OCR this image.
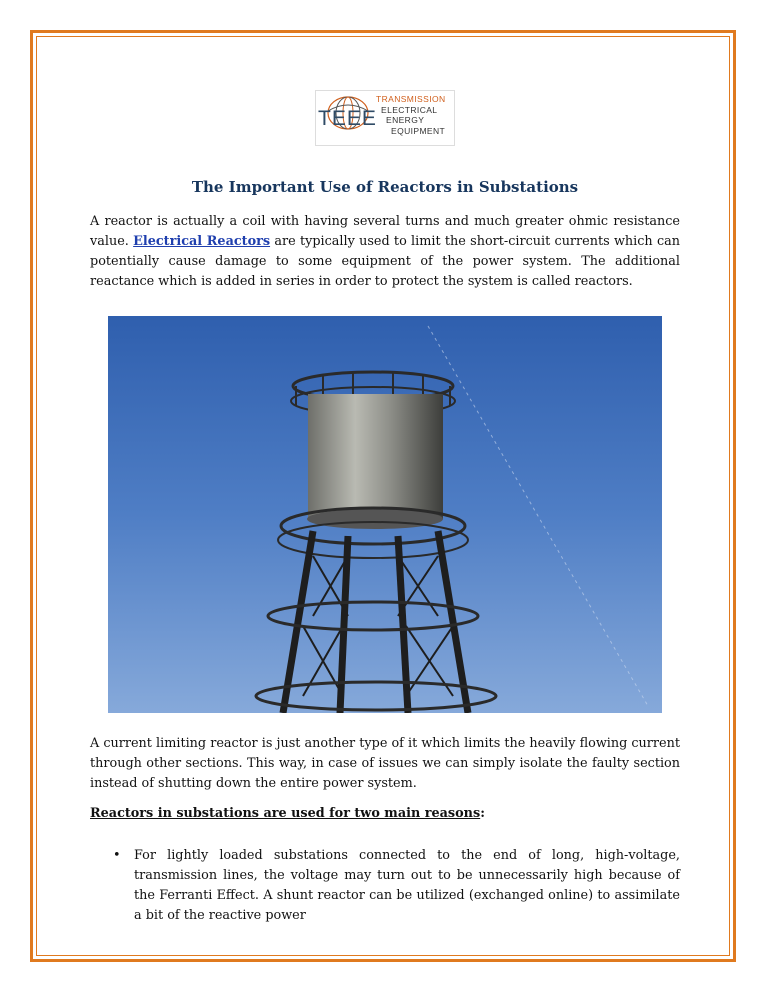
TEEE
TRANSMISSION
ELECTRICAL
ENERGY
EQUIPMENT
The Important Use of Reactors in Substations

A reactor is actually a coil with having several turns and much greater ohmic resistance value. Electrical Reactors are typically used to limit the short-circuit currents which can potentially cause damage to some equipment of the power system. The additional reactance which is added in series in order to protect the system is called reactors.

A current limiting reactor is just another type of it which limits the heavily flowing current through other sections. This way, in case of issues we can simply isolate the faulty section instead of shutting down the entire power system.

Reactors in substations are used for two main reasons:

• For lightly loaded substations connected to the end of long, high-voltage, transmission lines, the voltage may turn out to be unnecessarily high because of the Ferranti Effect. A shunt reactor can be utilized (exchanged online) to assimilate a bit of the reactive power
